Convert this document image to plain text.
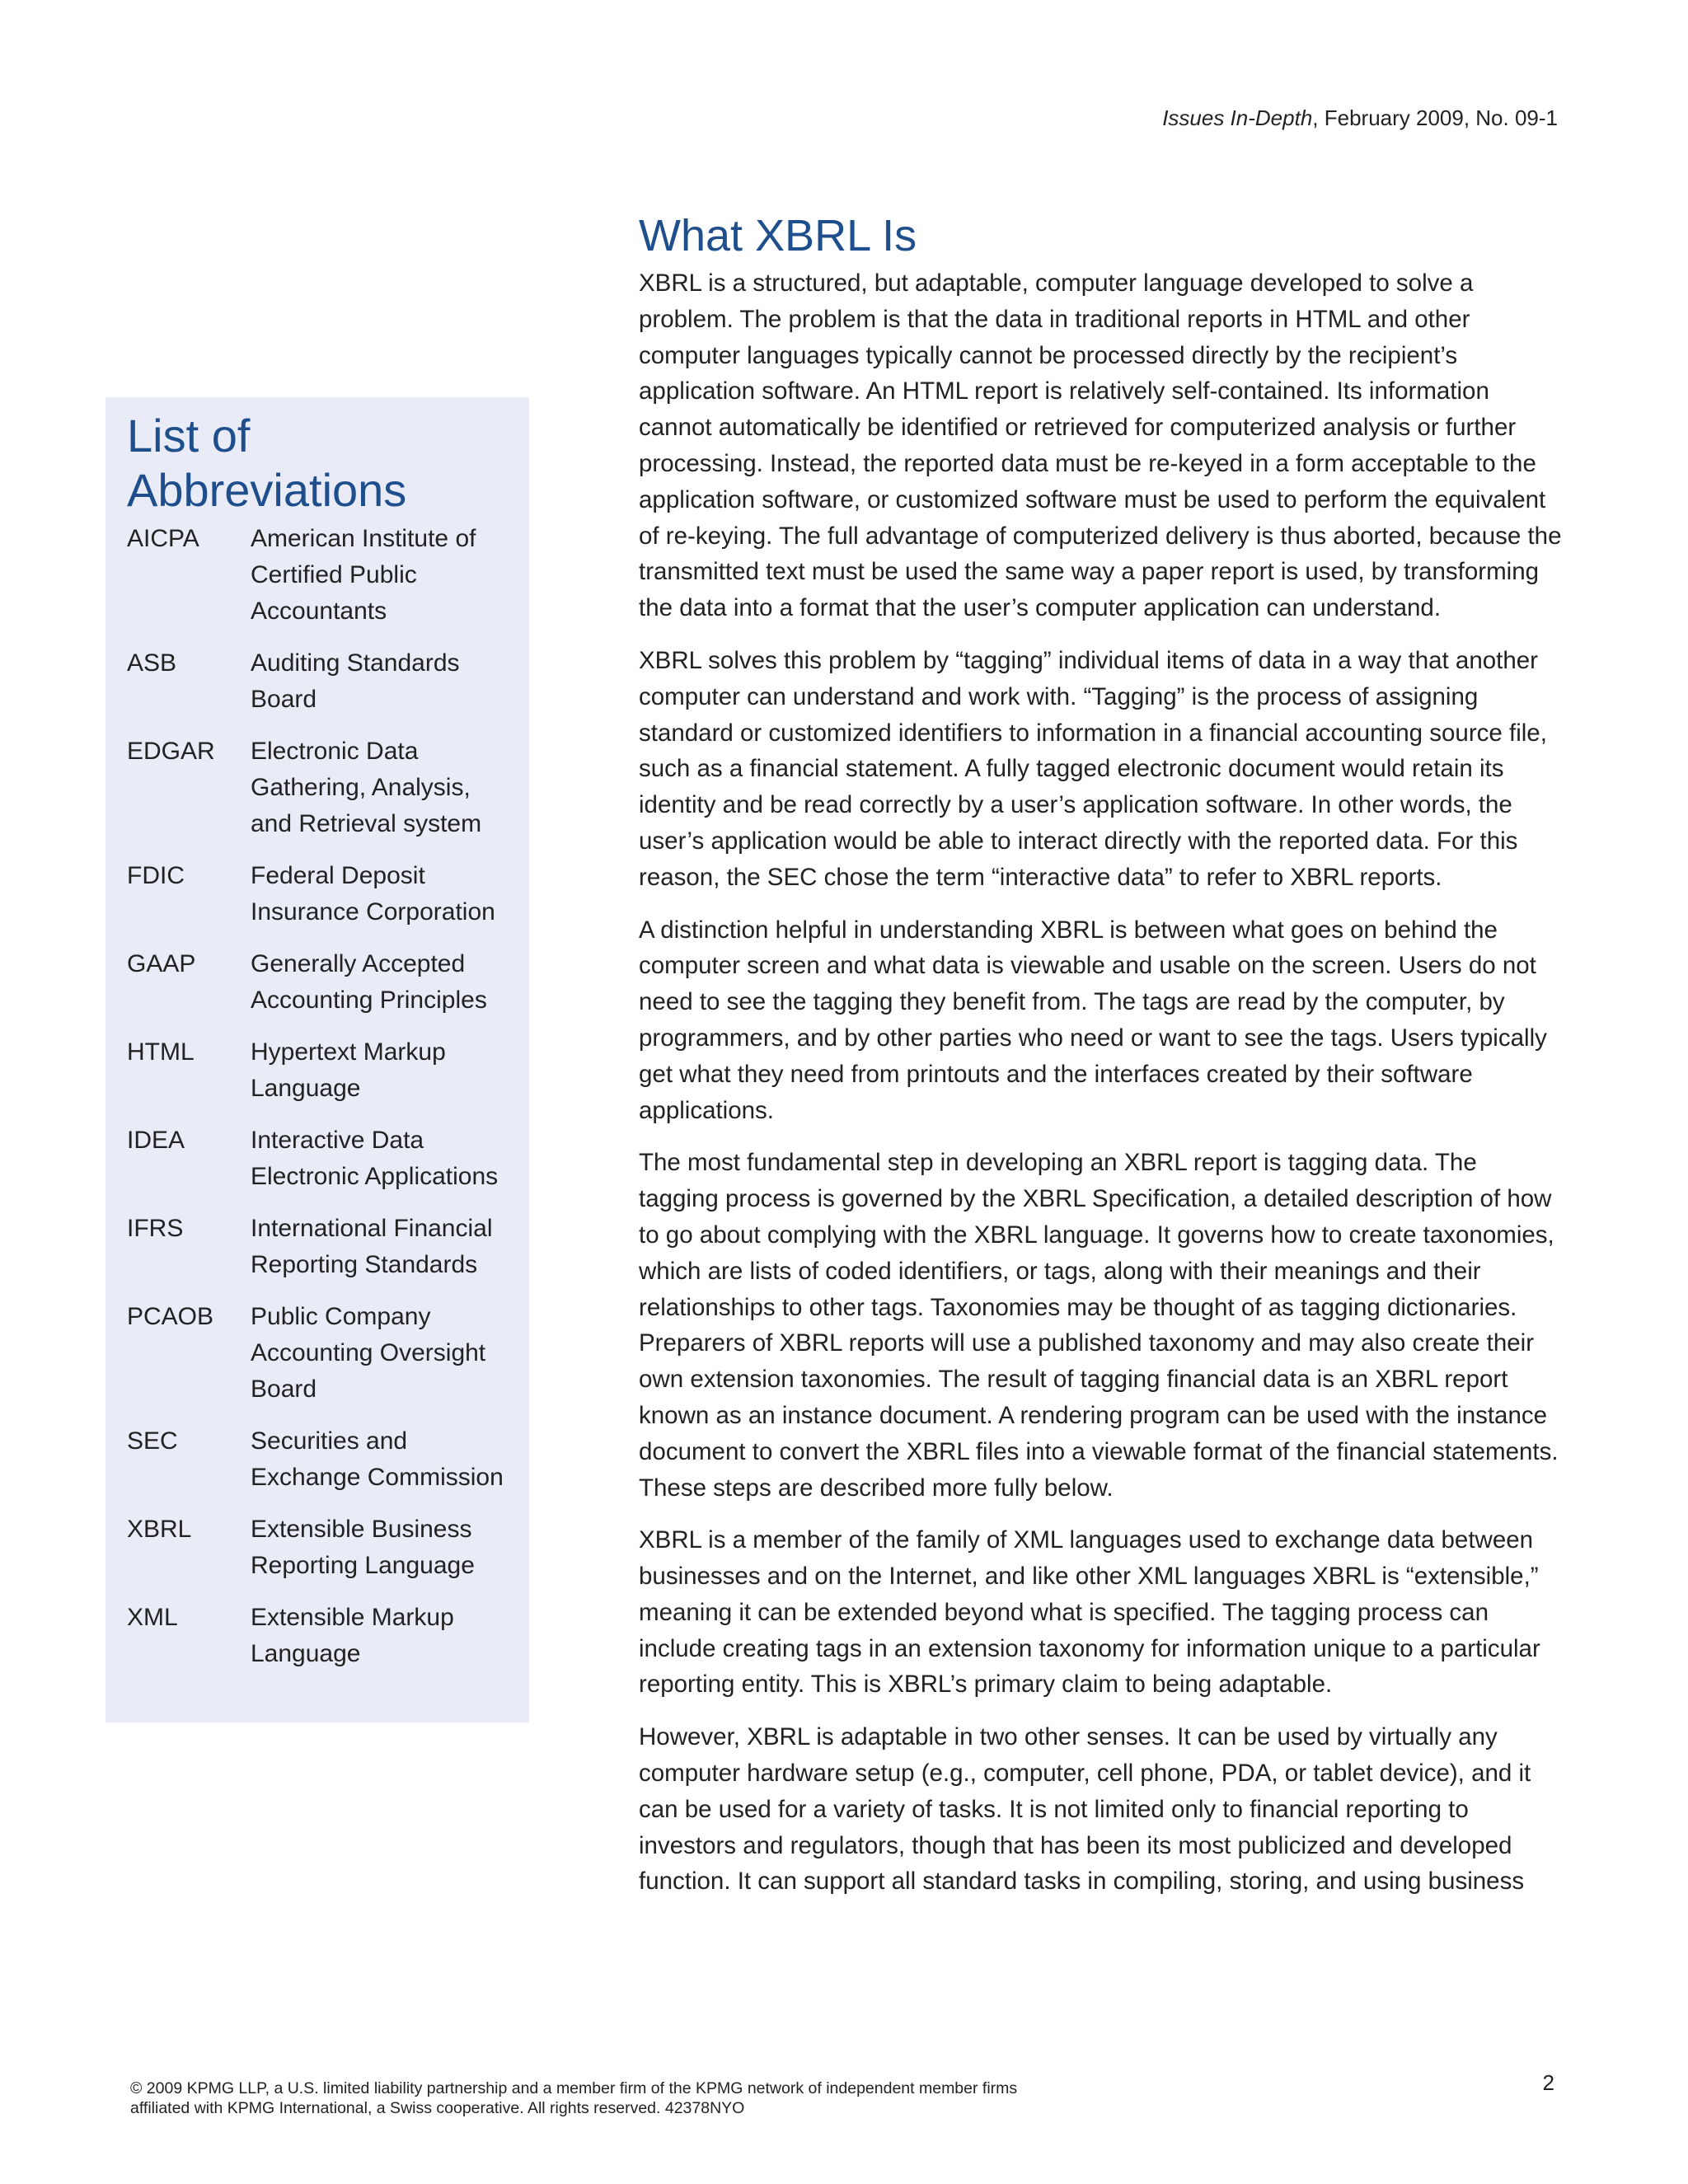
Issues In-Depth, February 2009, No. 09-1
List of Abbreviations
AICPA	American Institute of Certified Public Accountants
ASB	Auditing Standards Board
EDGAR	Electronic Data Gathering, Analysis, and Retrieval system
FDIC	Federal Deposit Insurance Corporation
GAAP	Generally Accepted Accounting Principles
HTML	Hypertext Markup Language
IDEA	Interactive Data Electronic Applications
IFRS	International Financial Reporting Standards
PCAOB	Public Company Accounting Oversight Board
SEC	Securities and Exchange Commission
XBRL	Extensible Business Reporting Language
XML	Extensible Markup Language
What XBRL Is

XBRL is a structured, but adaptable, computer language developed to solve a problem. The problem is that the data in traditional reports in HTML and other computer languages typically cannot be processed directly by the recipient’s application software. An HTML report is relatively self-contained. Its information cannot automatically be identified or retrieved for computerized analysis or further processing. Instead, the reported data must be re-keyed in a form acceptable to the application software, or customized software must be used to perform the equivalent of re-keying. The full advantage of computerized delivery is thus aborted, because the transmitted text must be used the same way a paper report is used, by transforming the data into a format that the user’s computer application can understand.

XBRL solves this problem by “tagging” individual items of data in a way that another computer can understand and work with. “Tagging” is the process of assigning standard or customized identifiers to information in a financial accounting source file, such as a financial statement. A fully tagged electronic document would retain its identity and be read correctly by a user’s application software. In other words, the user’s application would be able to interact directly with the reported data. For this reason, the SEC chose the term “interactive data” to refer to XBRL reports.

A distinction helpful in understanding XBRL is between what goes on behind the computer screen and what data is viewable and usable on the screen. Users do not need to see the tagging they benefit from. The tags are read by the computer, by programmers, and by other parties who need or want to see the tags. Users typically get what they need from printouts and the interfaces created by their software applications.

The most fundamental step in developing an XBRL report is tagging data. The tagging process is governed by the XBRL Specification, a detailed description of how to go about complying with the XBRL language. It governs how to create taxonomies, which are lists of coded identifiers, or tags, along with their meanings and their relationships to other tags. Taxonomies may be thought of as tagging dictionaries. Preparers of XBRL reports will use a published taxonomy and may also create their own extension taxonomies. The result of tagging financial data is an XBRL report known as an instance document. A rendering program can be used with the instance document to convert the XBRL files into a viewable format of the financial statements. These steps are described more fully below.

XBRL is a member of the family of XML languages used to exchange data between businesses and on the Internet, and like other XML languages XBRL is “extensible,” meaning it can be extended beyond what is specified. The tagging process can include creating tags in an extension taxonomy for information unique to a particular reporting entity. This is XBRL’s primary claim to being adaptable.

However, XBRL is adaptable in two other senses. It can be used by virtually any computer hardware setup (e.g., computer, cell phone, PDA, or tablet device), and it can be used for a variety of tasks. It is not limited only to financial reporting to investors and regulators, though that has been its most publicized and developed function. It can support all standard tasks in compiling, storing, and using business

© 2009 KPMG LLP, a U.S. limited liability partnership and a member firm of the KPMG network of independent member firms
affiliated with KPMG International, a Swiss cooperative. All rights reserved. 42378NYO
2
